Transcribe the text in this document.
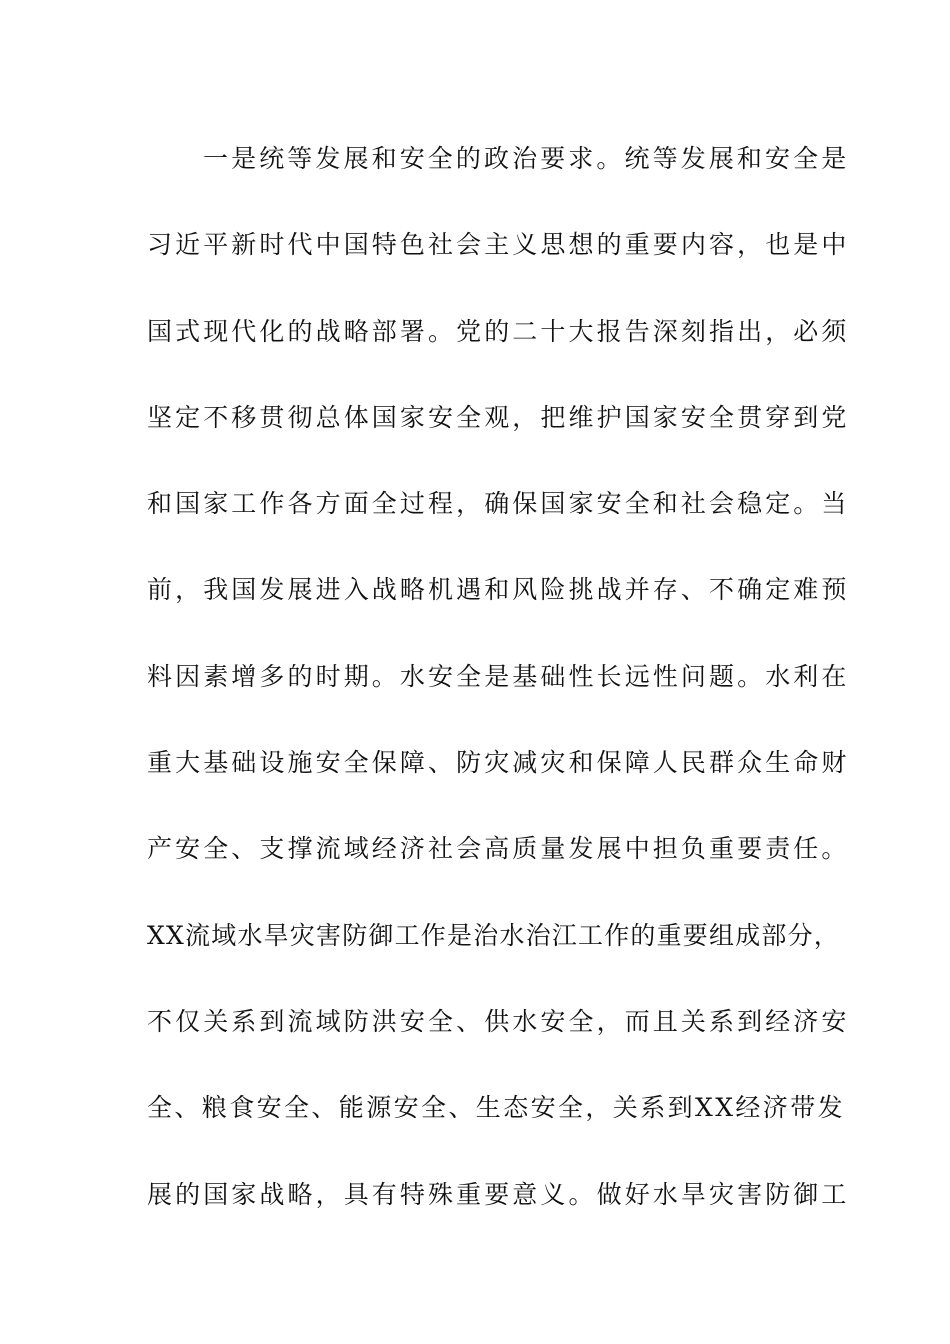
一是统等发展和安全的政治要求。统等发展和安全是
习近平新时代中国特色社会主义思想的重要内容，也是中
国式现代化的战略部署。党的二十大报告深刻指出，必须
坚定不移贯彻总体国家安全观，把维护国家安全贯穿到党
和国家工作各方面全过程，确保国家安全和社会稳定。当
前，我国发展进入战略机遇和风险挑战并存、不确定难预
料因素增多的时期。水安全是基础性长远性问题。水利在
重大基础设施安全保障、防灾减灾和保障人民群众生命财
产安全、支撑流域经济社会高质量发展中担负重要责任。
XX流域水旱灾害防御工作是治水治江工作的重要组成部分，
不仅关系到流域防洪安全、供水安全，而且关系到经济安
全、粮食安全、能源安全、生态安全，关系到XX经济带发
展的国家战略，具有特殊重要意义。做好水旱灾害防御工
